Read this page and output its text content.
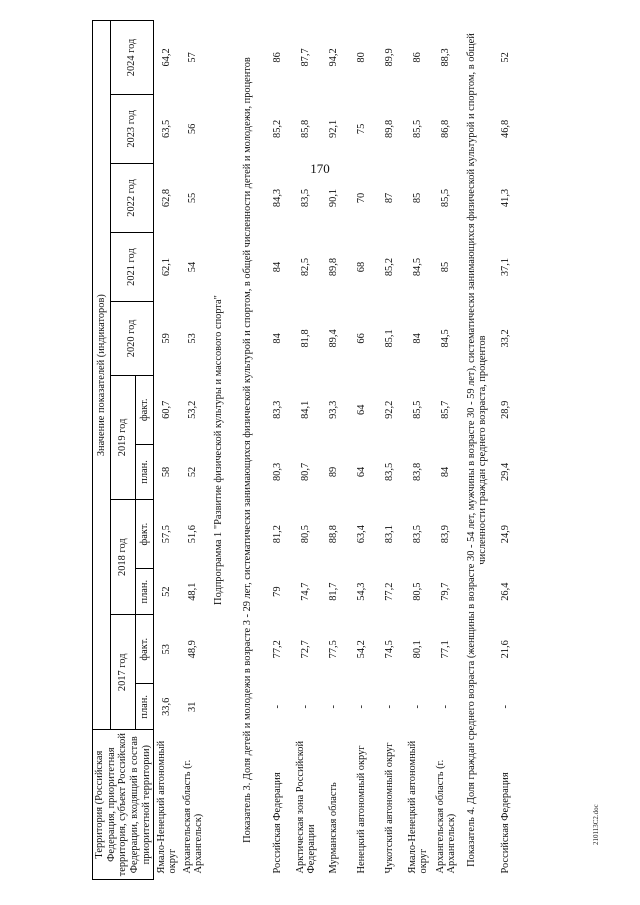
170
210113C2.doc
Территория (Российская Федерация, приоритетная территория, субъект Российской Федерации, входящий в состав приоритетной территории)	Значение показателей (индикаторов)										
	2017 год		2018 год		2019 год		2020 год	2021 год	2022 год	2023 год	2024 год
	план.	факт.	план.	факт.	план.	факт.					
Ямало-Ненецкий автономный округ	33,6	53	52	57,5	58	60,7	59	62,1	62,8	63,5	64,2
Архангельская область (г. Архангельск)	31	48,9	48,1	51,6	52	53,2	53	54	55	56	57
Подпрограмма 1 "Развитие физической культуры и массового спорта"											
Показатель 3. Доля детей и молодежи в возрасте 3 - 29 лет, систематически занимающихся физической культурой и спортом, в общей численности детей и молодежи, процентов											
Российская Федерация	-	77,2	79	81,2	80,3	83,3	84	84	84,3	85,2	86
Арктическая зона Российской Федерации	-	72,7	74,7	80,5	80,7	84,1	81,8	82,5	83,5	85,8	87,7
Мурманская область	-	77,5	81,7	88,8	89	93,3	89,4	89,8	90,1	92,1	94,2
Ненецкий автономный округ	-	54,2	54,3	63,4	64	64	66	68	70	75	80
Чукотский автономный округ	-	74,5	77,2	83,1	83,5	92,2	85,1	85,2	87	89,8	89,9
Ямало-Ненецкий автономный округ	-	80,1	80,5	83,5	83,8	85,5	84	84,5	85	85,5	86
Архангельская область (г. Архангельск)	-	77,1	79,7	83,9	84	85,7	84,5	85	85,5	86,8	88,3
Показатель 4. Доля граждан среднего возраста (женщины в возрасте 30 - 54 лет, мужчины в возрасте 30 - 59 лет), систематически занимающихся физической культурой и спортом, в общей численности граждан среднего возраста, процентов											
Российская Федерация	-	21,6	26,4	24,9	29,4	28,9	33,2	37,1	41,3	46,8	52
